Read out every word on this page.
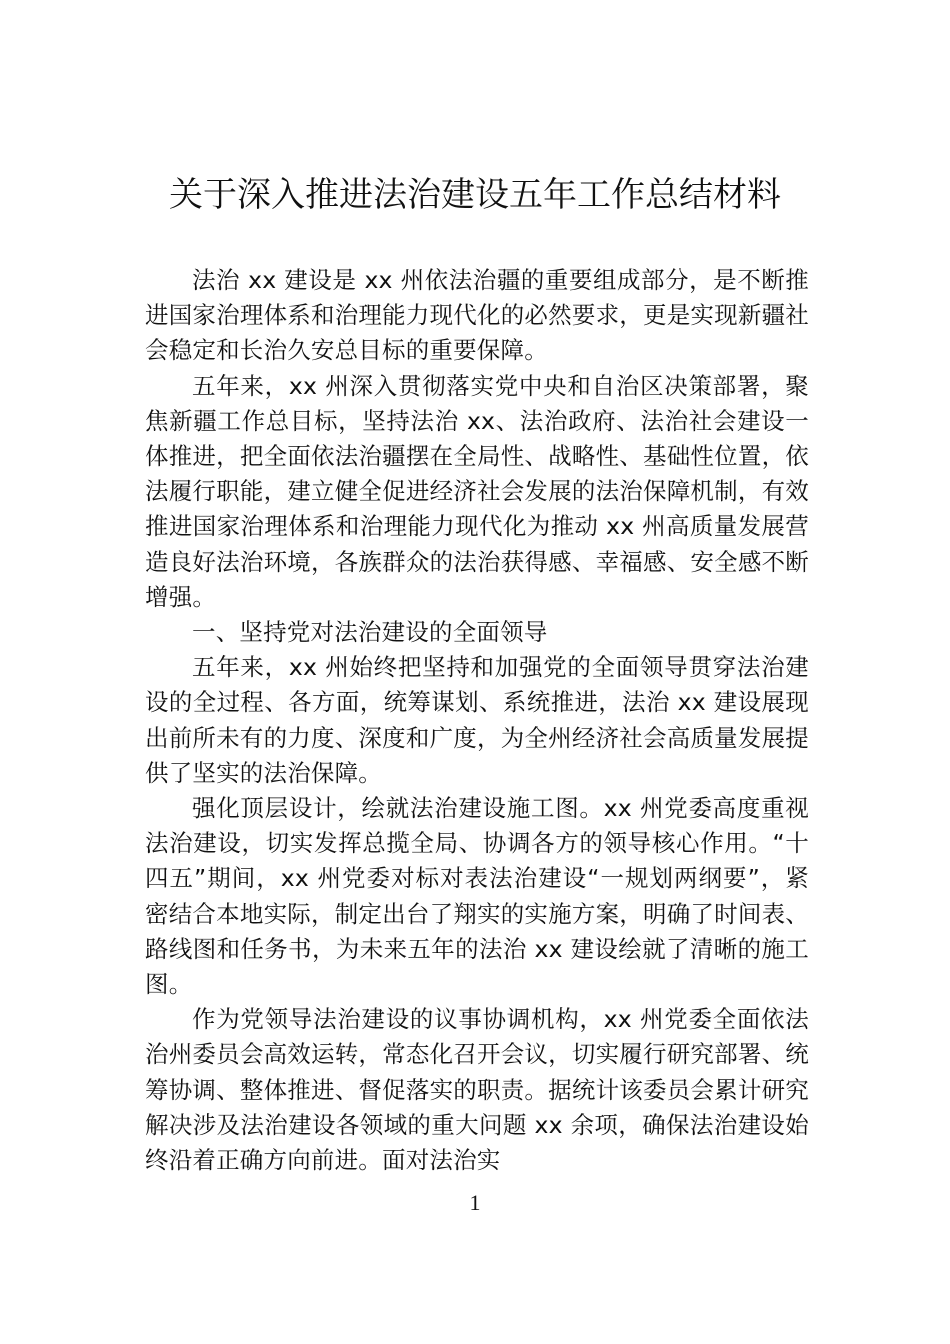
关于深入推进法治建设五年工作总结材料

法治 xx 建设是 xx 州依法治疆的重要组成部分，是不断推进国家治理体系和治理能力现代化的必然要求，更是实现新疆社会稳定和长治久安总目标的重要保障。

五年来，xx 州深入贯彻落实党中央和自治区决策部署，聚焦新疆工作总目标，坚持法治 xx、法治政府、法治社会建设一体推进，把全面依法治疆摆在全局性、战略性、基础性位置，依法履行职能，建立健全促进经济社会发展的法治保障机制，有效推进国家治理体系和治理能力现代化为推动 xx 州高质量发展营造良好法治环境，各族群众的法治获得感、幸福感、安全感不断增强。

一、坚持党对法治建设的全面领导

五年来，xx 州始终把坚持和加强党的全面领导贯穿法治建设的全过程、各方面，统筹谋划、系统推进，法治 xx 建设展现出前所未有的力度、深度和广度，为全州经济社会高质量发展提供了坚实的法治保障。

强化顶层设计，绘就法治建设施工图。xx 州党委高度重视法治建设，切实发挥总揽全局、协调各方的领导核心作用。“十四五”期间，xx 州党委对标对表法治建设“一规划两纲要”，紧密结合本地实际，制定出台了翔实的实施方案，明确了时间表、路线图和任务书，为未来五年的法治 xx 建设绘就了清晰的施工图。

作为党领导法治建设的议事协调机构，xx 州党委全面依法治州委员会高效运转，常态化召开会议，切实履行研究部署、统筹协调、整体推进、督促落实的职责。据统计该委员会累计研究解决涉及法治建设各领域的重大问题 xx 余项，确保法治建设始终沿着正确方向前进。面对法治实

1
